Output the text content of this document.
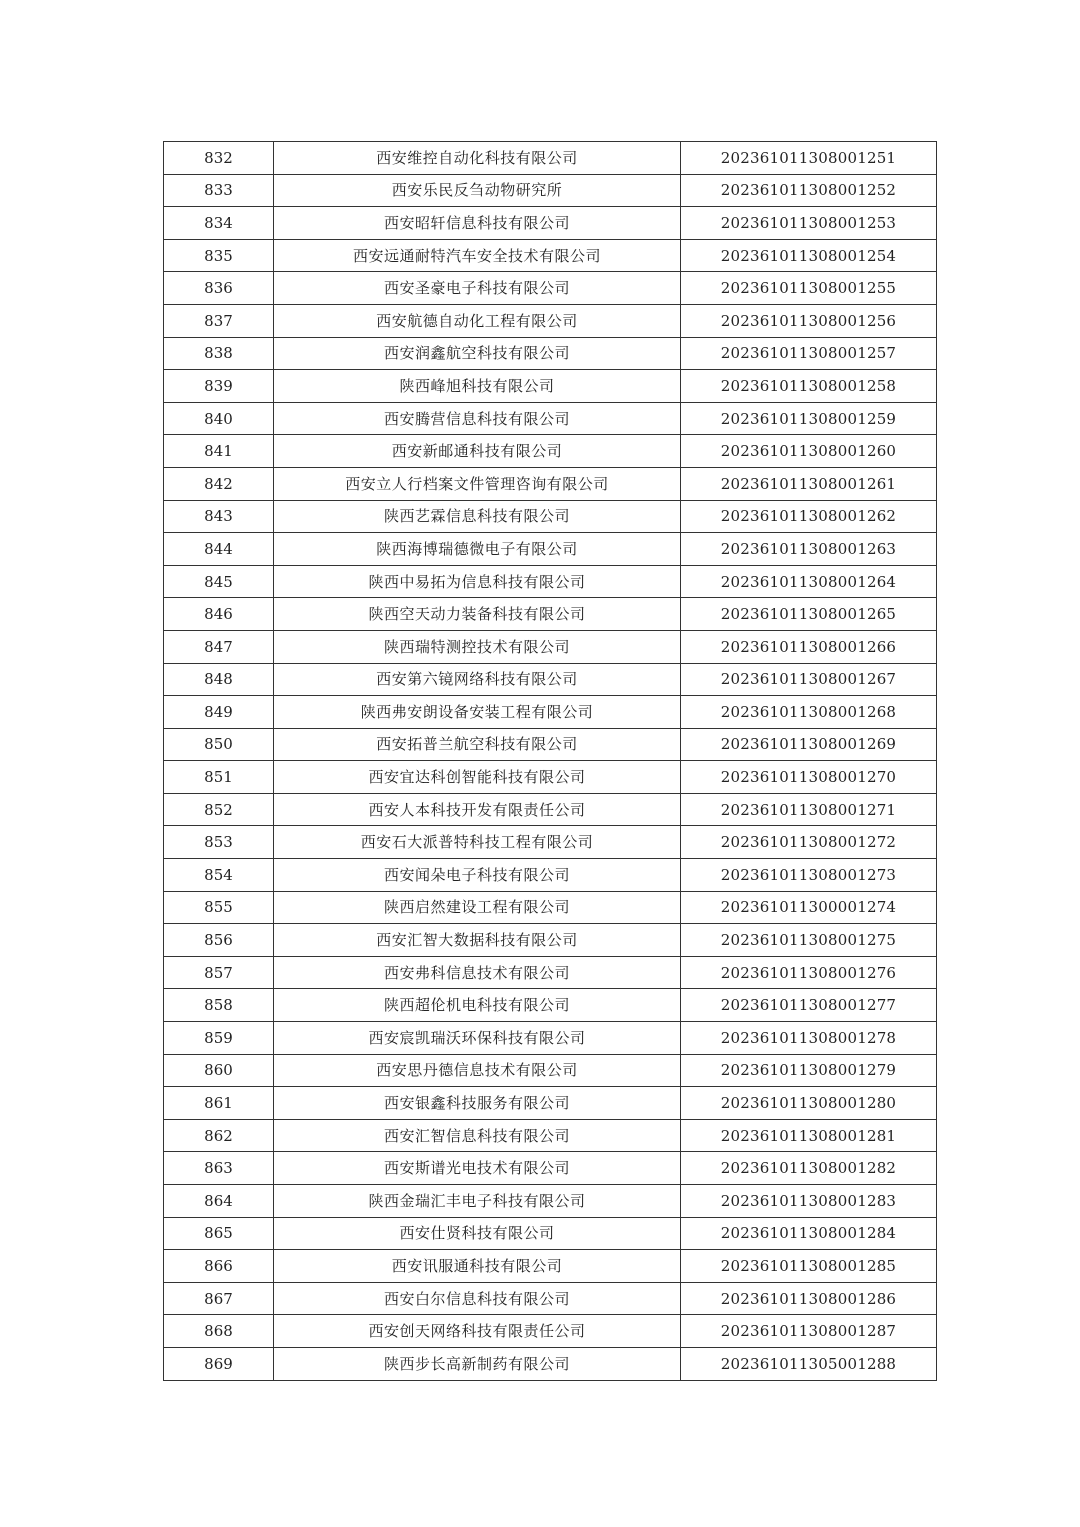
832	西安维控自动化科技有限公司	202361011308001251
833	西安乐民反刍动物研究所	202361011308001252
834	西安昭轩信息科技有限公司	202361011308001253
835	西安远通耐特汽车安全技术有限公司	202361011308001254
836	西安圣豪电子科技有限公司	202361011308001255
837	西安航德自动化工程有限公司	202361011308001256
838	西安润鑫航空科技有限公司	202361011308001257
839	陕西峰旭科技有限公司	202361011308001258
840	西安腾营信息科技有限公司	202361011308001259
841	西安新邮通科技有限公司	202361011308001260
842	西安立人行档案文件管理咨询有限公司	202361011308001261
843	陕西艺霖信息科技有限公司	202361011308001262
844	陕西海博瑞德微电子有限公司	202361011308001263
845	陕西中易拓为信息科技有限公司	202361011308001264
846	陕西空天动力装备科技有限公司	202361011308001265
847	陕西瑞特测控技术有限公司	202361011308001266
848	西安第六镜网络科技有限公司	202361011308001267
849	陕西弗安朗设备安装工程有限公司	202361011308001268
850	西安拓普兰航空科技有限公司	202361011308001269
851	西安宜达科创智能科技有限公司	202361011308001270
852	西安人本科技开发有限责任公司	202361011308001271
853	西安石大派普特科技工程有限公司	202361011308001272
854	西安闻朵电子科技有限公司	202361011308001273
855	陕西启然建设工程有限公司	202361011300001274
856	西安汇智大数据科技有限公司	202361011308001275
857	西安弗科信息技术有限公司	202361011308001276
858	陕西超伦机电科技有限公司	202361011308001277
859	西安宸凯瑞沃环保科技有限公司	202361011308001278
860	西安思丹德信息技术有限公司	202361011308001279
861	西安银鑫科技服务有限公司	202361011308001280
862	西安汇智信息科技有限公司	202361011308001281
863	西安斯谱光电技术有限公司	202361011308001282
864	陕西金瑞汇丰电子科技有限公司	202361011308001283
865	西安仕贤科技有限公司	202361011308001284
866	西安讯服通科技有限公司	202361011308001285
867	西安白尔信息科技有限公司	202361011308001286
868	西安创天网络科技有限责任公司	202361011308001287
869	陕西步长高新制药有限公司	202361011305001288
